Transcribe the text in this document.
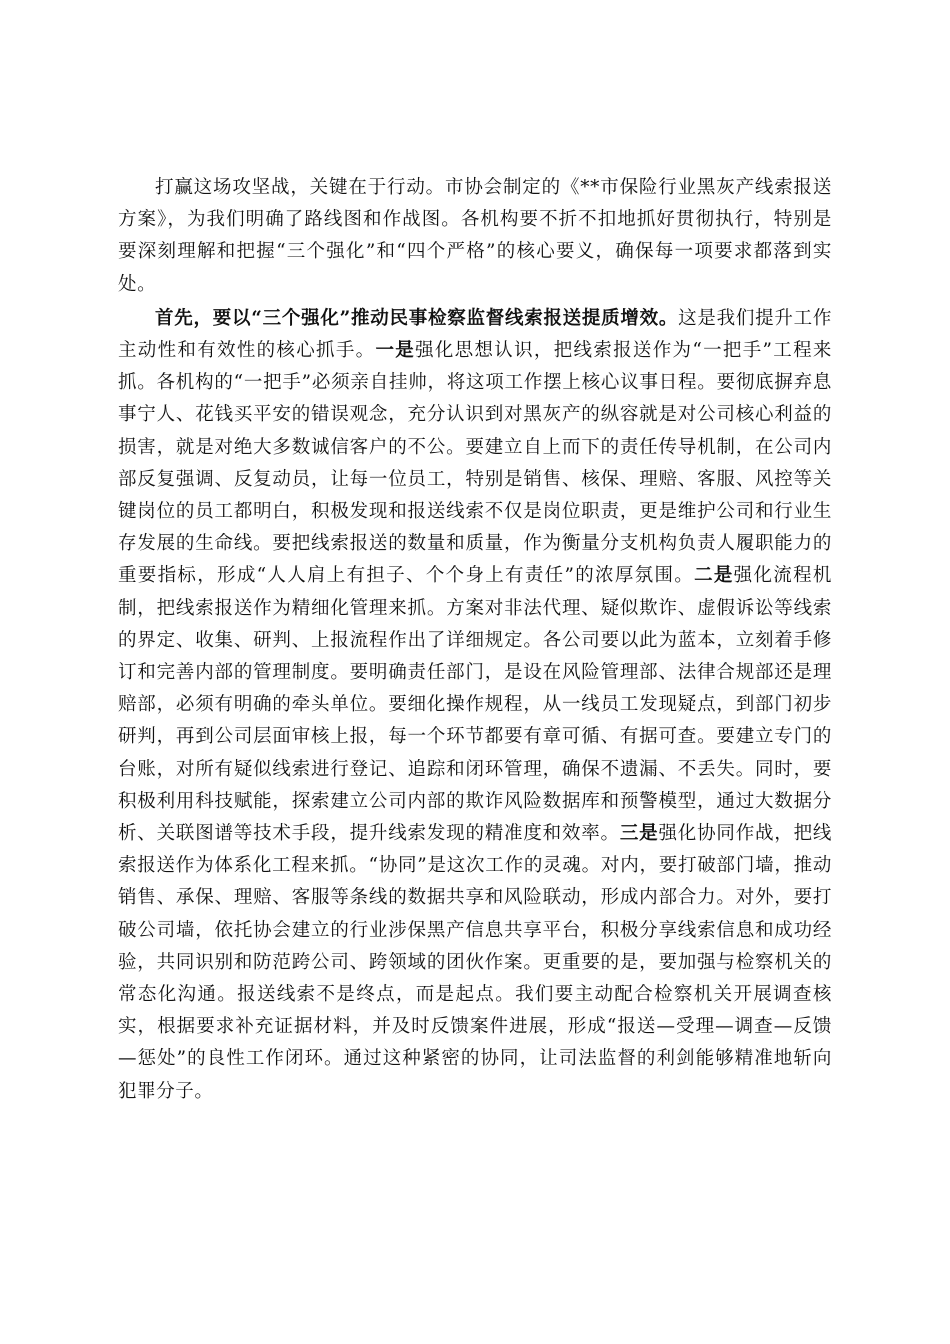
打赢这场攻坚战，关键在于行动。市协会制定的《**市保险行业黑灰产线索报送方案》，为我们明确了路线图和作战图。各机构要不折不扣地抓好贯彻执行，特别是要深刻理解和把握“三个强化”和“四个严格”的核心要义，确保每一项要求都落到实处。

首先，要以“三个强化”推动民事检察监督线索报送提质增效。这是我们提升工作主动性和有效性的核心抓手。一是强化思想认识，把线索报送作为“一把手”工程来抓。各机构的“一把手”必须亲自挂帅，将这项工作摆上核心议事日程。要彻底摒弃息事宁人、花钱买平安的错误观念，充分认识到对黑灰产的纵容就是对公司核心利益的损害，就是对绝大多数诚信客户的不公。要建立自上而下的责任传导机制，在公司内部反复强调、反复动员，让每一位员工，特别是销售、核保、理赔、客服、风控等关键岗位的员工都明白，积极发现和报送线索不仅是岗位职责，更是维护公司和行业生存发展的生命线。要把线索报送的数量和质量，作为衡量分支机构负责人履职能力的重要指标，形成“人人肩上有担子、个个身上有责任”的浓厚氛围。二是强化流程机制，把线索报送作为精细化管理来抓。方案对非法代理、疑似欺诈、虚假诉讼等线索的界定、收集、研判、上报流程作出了详细规定。各公司要以此为蓝本，立刻着手修订和完善内部的管理制度。要明确责任部门，是设在风险管理部、法律合规部还是理赔部，必须有明确的牵头单位。要细化操作规程，从一线员工发现疑点，到部门初步研判，再到公司层面审核上报，每一个环节都要有章可循、有据可查。要建立专门的台账，对所有疑似线索进行登记、追踪和闭环管理，确保不遗漏、不丢失。同时，要积极利用科技赋能，探索建立公司内部的欺诈风险数据库和预警模型，通过大数据分析、关联图谱等技术手段，提升线索发现的精准度和效率。三是强化协同作战，把线索报送作为体系化工程来抓。“协同”是这次工作的灵魂。对内，要打破部门墙，推动销售、承保、理赔、客服等条线的数据共享和风险联动，形成内部合力。对外，要打破公司墙，依托协会建立的行业涉保黑产信息共享平台，积极分享线索信息和成功经验，共同识别和防范跨公司、跨领域的团伙作案。更重要的是，要加强与检察机关的常态化沟通。报送线索不是终点，而是起点。我们要主动配合检察机关开展调查核实，根据要求补充证据材料，并及时反馈案件进展，形成“报送—受理—调查—反馈—惩处”的良性工作闭环。通过这种紧密的协同，让司法监督的利剑能够精准地斩向犯罪分子。
